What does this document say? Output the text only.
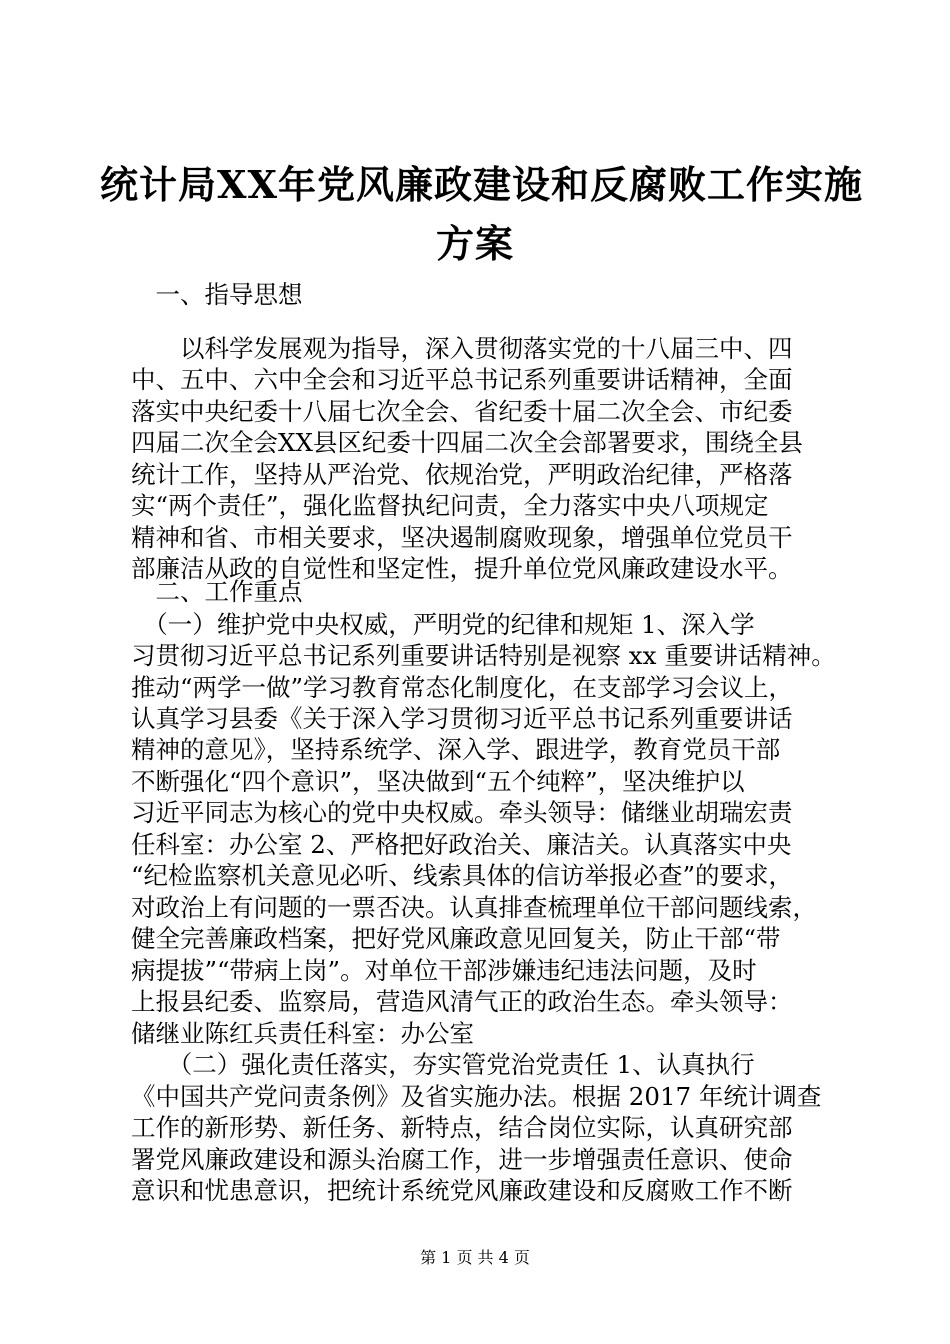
统计局XX年党风廉政建设和反腐败工作实施
方案
　一、指导思想
　　以科学发展观为指导，深入贯彻落实党的十八届三中、四
中、五中、六中全会和习近平总书记系列重要讲话精神，全面
落实中央纪委十八届七次全会、省纪委十届二次全会、市纪委
四届二次全会XX县区纪委十四届二次全会部署要求，围绕全县
统计工作，坚持从严治党、依规治党，严明政治纪律，严格落
实“两个责任”，强化监督执纪问责，全力落实中央八项规定
精神和省、市相关要求，坚决遏制腐败现象，增强单位党员干
部廉洁从政的自觉性和坚定性，提升单位党风廉政建设水平。
　二、工作重点
　（一）维护党中央权威，严明党的纪律和规矩 1、深入学
习贯彻习近平总书记系列重要讲话特别是视察 xx 重要讲话精神。
推动“两学一做”学习教育常态化制度化，在支部学习会议上，
认真学习县委《关于深入学习贯彻习近平总书记系列重要讲话
精神的意见》，坚持系统学、深入学、跟进学，教育党员干部
不断强化“四个意识”，坚决做到“五个纯粹”，坚决维护以
习近平同志为核心的党中央权威。牵头领导：储继业胡瑞宏责
任科室：办公室 2、严格把好政治关、廉洁关。认真落实中央
“纪检监察机关意见必听、线索具体的信访举报必查”的要求，
对政治上有问题的一票否决。认真排查梳理单位干部问题线索，
健全完善廉政档案，把好党风廉政意见回复关，防止干部“带
病提拔”“带病上岗”。对单位干部涉嫌违纪违法问题，及时
上报县纪委、监察局，营造风清气正的政治生态。牵头领导：
储继业陈红兵责任科室：办公室
　　（二）强化责任落实，夯实管党治党责任 1、认真执行
《中国共产党问责条例》及省实施办法。根据 2017 年统计调查
工作的新形势、新任务、新特点，结合岗位实际，认真研究部
署党风廉政建设和源头治腐工作，进一步增强责任意识、使命
意识和忧患意识，把统计系统党风廉政建设和反腐败工作不断
第 1 页 共 4 页
